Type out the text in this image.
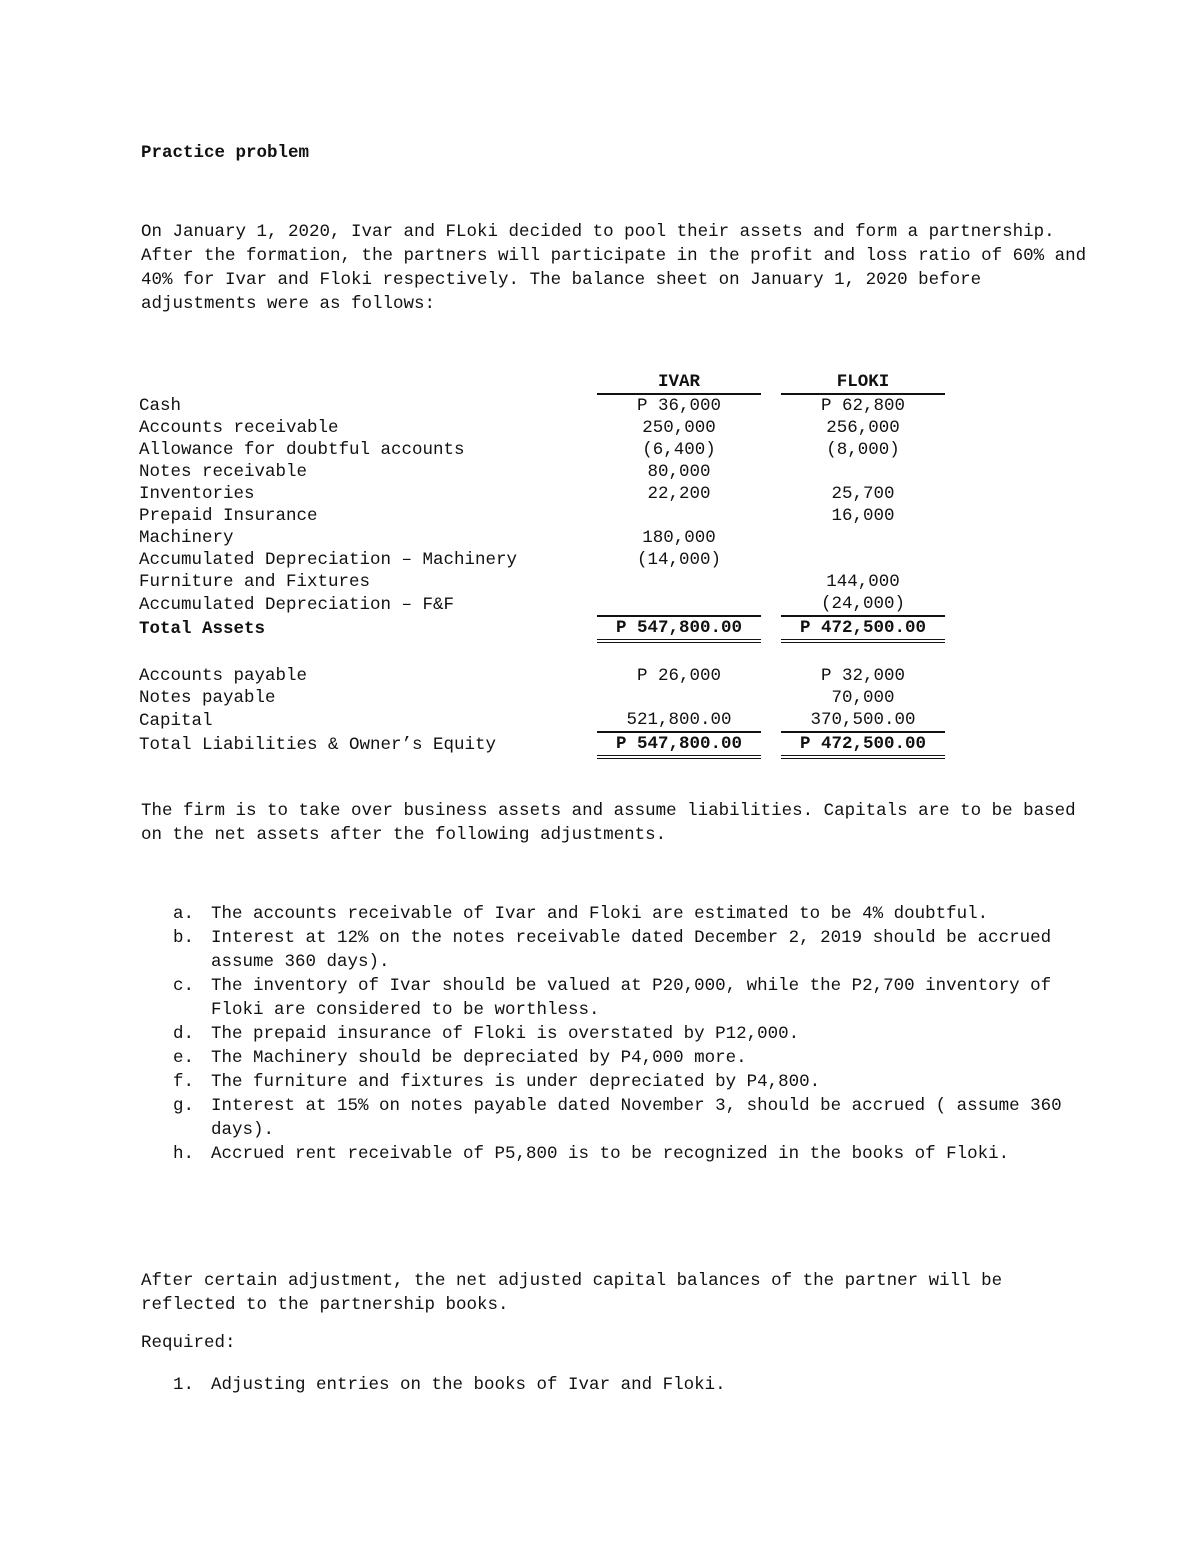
Practice problem
On January 1, 2020, Ivar and FLoki decided to pool their assets and form a partnership. After the formation, the partners will participate in the profit and loss ratio of 60% and 40% for Ivar and Floki respectively. The balance sheet on January 1, 2020 before adjustments were as follows:
	IVAR		FLOKI
Cash	P 36,000		P 62,800
Accounts receivable	250,000		256,000
Allowance for doubtful accounts	(6,400)		(8,000)
Notes receivable	80,000		
Inventories	22,200		25,700
Prepaid Insurance			16,000
Machinery	180,000		
Accumulated Depreciation – Machinery	(14,000)		
Furniture and Fixtures			144,000
Accumulated Depreciation – F&F			(24,000)
Total Assets	P 547,800.00		P 472,500.00

Accounts payable	P 26,000		P 32,000
Notes payable			70,000
Capital	521,800.00		370,500.00
Total Liabilities & Owner’s Equity	P 547,800.00		P 472,500.00
The firm is to take over business assets and assume liabilities. Capitals are to be based on the net assets after the following adjustments.
a. The accounts receivable of Ivar and Floki are estimated to be 4% doubtful.
b. Interest at 12% on the notes receivable dated December 2, 2019 should be accrued assume 360 days).
c. The inventory of Ivar should be valued at P20,000, while the P2,700 inventory of Floki are considered to be worthless.
d. The prepaid insurance of Floki is overstated by P12,000.
e. The Machinery should be depreciated by P4,000 more.
f. The furniture and fixtures is under depreciated by P4,800.
g. Interest at 15% on notes payable dated November 3, should be accrued ( assume 360 days).
h. Accrued rent receivable of P5,800 is to be recognized in the books of Floki.
After certain adjustment, the net adjusted capital balances of the partner will be reflected to the partnership books.
Required:
1. Adjusting entries on the books of Ivar and Floki.
